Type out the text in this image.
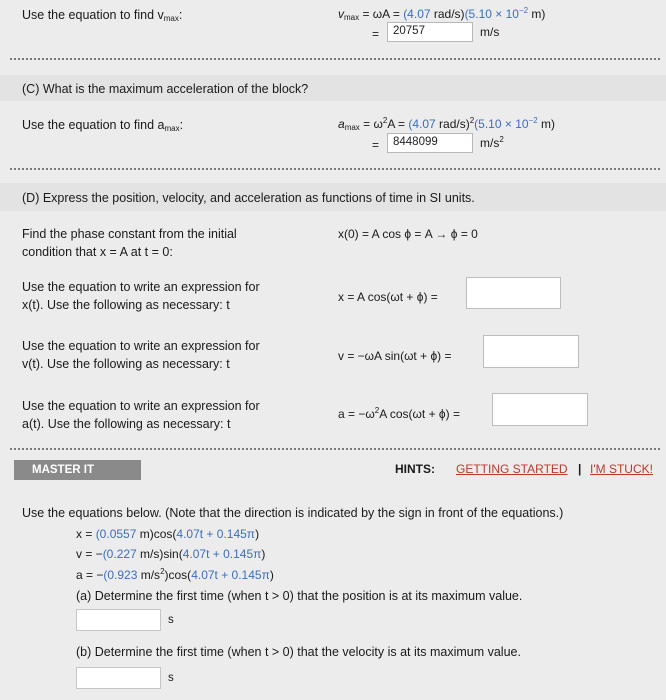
Use the equation to find $v_{max}$:	$v_{max} = \omega A = (4.07$ $rad/s)(5.10 \times 10^{-2}$ m)
=	20757	m/s
(C) What is the maximum acceleration of the block?
Use the equation to find $a_{max}$:	$a_{max} = \omega^2A = (4.07$ $rad/s)^2(5.10 \times 10^{-2}$ m)
=	8448099	$m/s^2$
(D) Express the position, velocity, and acceleration as functions of time in SI units.
Find the phase constant from the initial
condition that x = A at t = 0:
x(0) = A cos ϕ = A → ϕ = 0
Use the equation to write an expression for
x(t). Use the following as necessary: t
x = A cos(ωt + ϕ) =
Use the equation to write an expression for
v(t). Use the following as necessary: t
v = −ωA sin(ωt + ϕ) =
Use the equation to write an expression for
a(t). Use the following as necessary: t
$a = -\omega^2A$ cos(ωt + ϕ) =
MASTER IT	HINTS: GETTING STARTED | I'M STUCK!
Use the equations below. (Note that the direction is indicated by the sign in front of the equations.)
x = (0.0557 m)cos(4.07t + 0.145π)
v = −(0.227 m/s)sin(4.07t + 0.145π)
a = −(0.923 $m/s^2)\cos(4.07t + 0.145\pi)$
(a) Determine the first time (when t > 0) that the position is at its maximum value.
s
(b) Determine the first time (when t > 0) that the velocity is at its maximum value.
s
